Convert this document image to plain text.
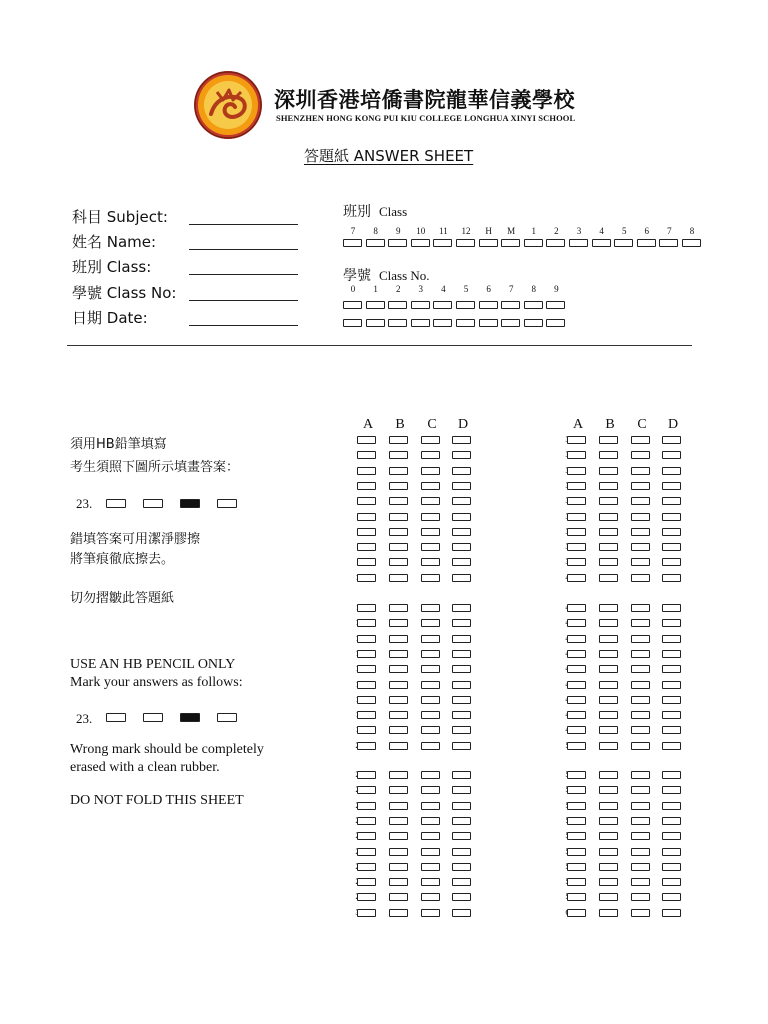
深圳香港培僑書院龍華信義學校
SHENZHEN HONG KONG PUI KIU COLLEGE LONGHUA XINYI SCHOOL
答題紙 ANSWER SHEET
科目 Subject:
姓名 Name:
班別 Class:
學號 Class No:
日期 Date:
班別 Class
7	8	9	10	11	12	H	M	1	2	3	4	5	6	7	8
學號 Class No.
0	1	2	3	4	5	6	7	8	9
須用HB鉛筆填寫
考生須照下圖所示填畫答案：
23.
錯填答案可用潔淨膠擦
將筆痕徹底擦去。
切勿摺皺此答題紙
USE AN HB PENCIL ONLY
Mark your answers as follows:
23.
Wrong mark should be completely
erased with a clean rubber.
DO NOT FOLD THIS SHEET
A	B	C	D	A	B	C	D
